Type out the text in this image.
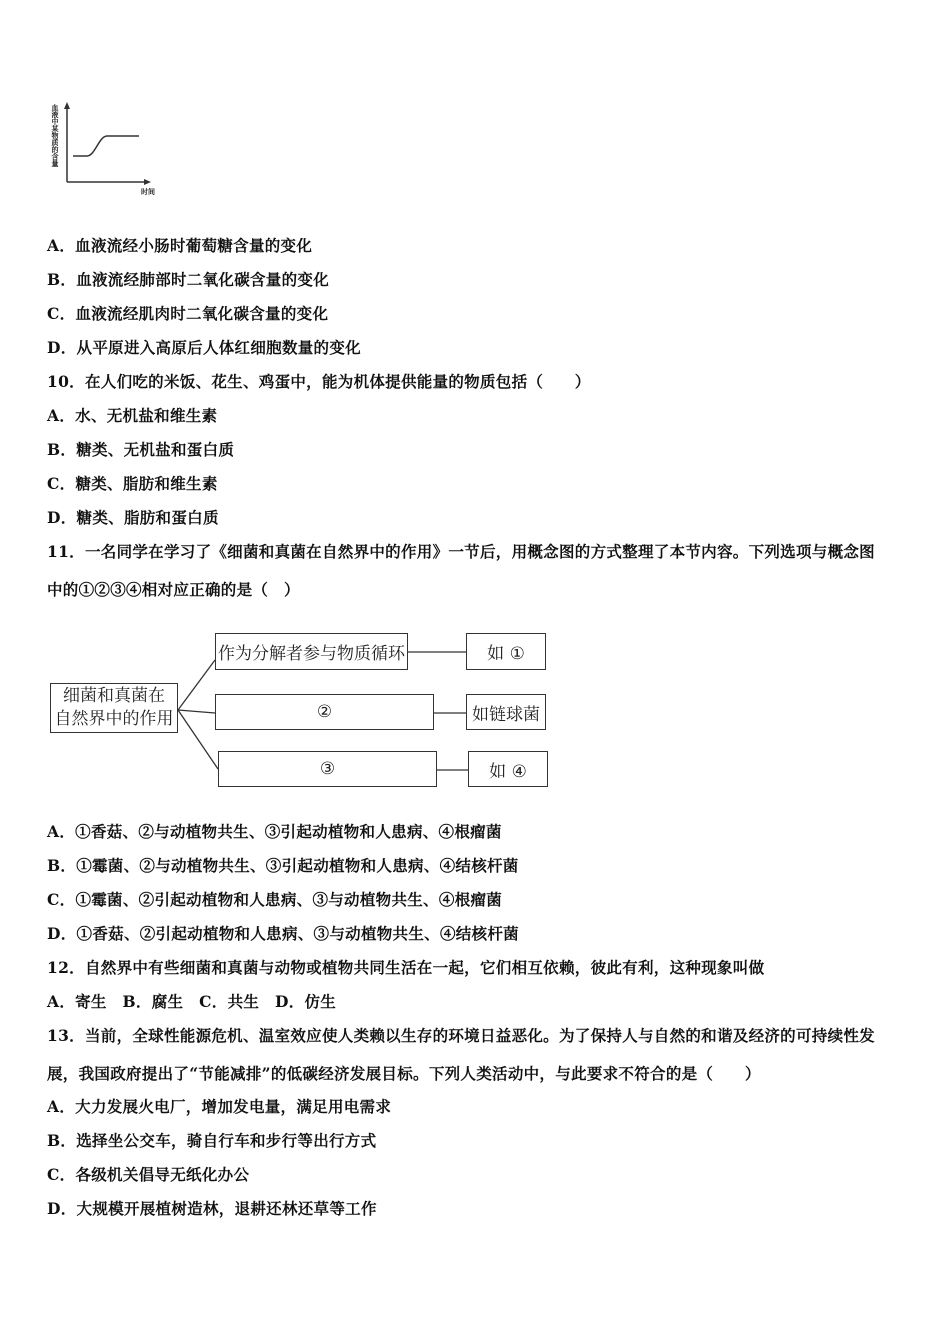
血液中某物质的含量
时间
A．血液流经小肠时葡萄糖含量的变化
B．血液流经肺部时二氧化碳含量的变化
C．血液流经肌肉时二氧化碳含量的变化
D．从平原进入高原后人体红细胞数量的变化
10．在人们吃的米饭、花生、鸡蛋中，能为机体提供能量的物质包括（　　）
A．水、无机盐和维生素
B．糖类、无机盐和蛋白质
C．糖类、脂肪和维生素
D．糖类、脂肪和蛋白质
11．一名同学在学习了《细菌和真菌在自然界中的作用》一节后，用概念图的方式整理了本节内容。下列选项与概念图
中的①②③④相对应正确的是（　）
细菌和真菌在
自然界中的作用
作为分解者参与物质循环	如 ①
②	如链球菌
③	如 ④
A．①香菇、②与动植物共生、③引起动植物和人患病、④根瘤菌
B．①霉菌、②与动植物共生、③引起动植物和人患病、④结核杆菌
C．①霉菌、②引起动植物和人患病、③与动植物共生、④根瘤菌
D．①香菇、②引起动植物和人患病、③与动植物共生、④结核杆菌
12．自然界中有些细菌和真菌与动物或植物共同生活在一起，它们相互依赖，彼此有利，这种现象叫做
A．寄生　B．腐生　C．共生　D．仿生
13．当前，全球性能源危机、温室效应使人类赖以生存的环境日益恶化。为了保持人与自然的和谐及经济的可持续性发
展，我国政府提出了“节能减排”的低碳经济发展目标。下列人类活动中，与此要求不符合的是（　　）
A．大力发展火电厂，增加发电量，满足用电需求
B．选择坐公交车，骑自行车和步行等出行方式
C．各级机关倡导无纸化办公
D．大规模开展植树造林，退耕还林还草等工作
